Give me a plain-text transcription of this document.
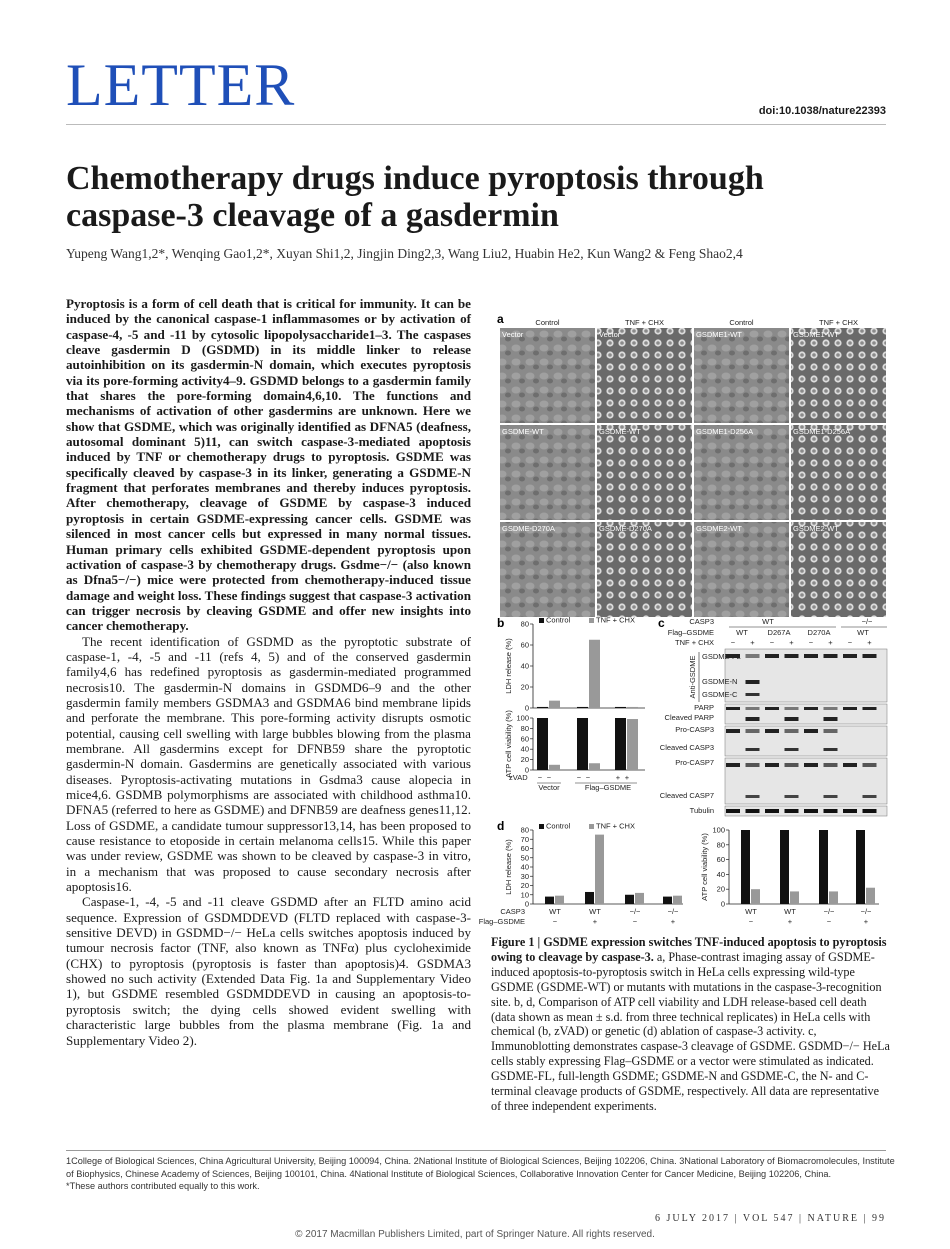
LETTER	doi:10.1038/nature22393
Chemotherapy drugs induce pyroptosis through caspase-3 cleavage of a gasdermin
Yupeng Wang1,2*, Wenqing Gao1,2*, Xuyan Shi1,2, Jingjin Ding2,3, Wang Liu2, Huabin He2, Kun Wang2 & Feng Shao2,4

Pyroptosis is a form of cell death that is critical for immunity. It can be induced by the canonical caspase-1 inflammasomes or by activation of caspase-4, -5 and -11 by cytosolic lipopolysaccharide1–3. The caspases cleave gasdermin D (GSDMD) in its middle linker to release autoinhibition on its gasdermin-N domain, which executes pyroptosis via its pore-forming activity4–9. GSDMD belongs to a gasdermin family that shares the pore-forming domain4,6,10. The functions and mechanisms of activation of other gasdermins are unknown. Here we show that GSDME, which was originally identified as DFNA5 (deafness, autosomal dominant 5)11, can switch caspase-3-mediated apoptosis induced by TNF or chemotherapy drugs to pyroptosis. GSDME was specifically cleaved by caspase-3 in its linker, generating a GSDME-N fragment that perforates membranes and thereby induces pyroptosis. After chemotherapy, cleavage of GSDME by caspase-3 induced pyroptosis in certain GSDME-expressing cancer cells. GSDME was silenced in most cancer cells but expressed in many normal tissues. Human primary cells exhibited GSDME-dependent pyroptosis upon activation of caspase-3 by chemotherapy drugs. Gsdme−/− (also known as Dfna5−/−) mice were protected from chemotherapy-induced tissue damage and weight loss. These findings suggest that caspase-3 activation can trigger necrosis by cleaving GSDME and offer new insights into cancer chemotherapy.

The recent identification of GSDMD as the pyroptotic substrate of caspase-1, -4, -5 and -11 (refs 4, 5) and of the conserved gasdermin family4,6 has redefined pyroptosis as gasdermin-mediated programmed necrosis10. The gasdermin-N domains in GSDMD6–9 and the other gasdermin family members GSDMA3 and GSDMA6 bind membrane lipids and perforate the membrane. This pore-forming activity disrupts osmotic potential, causing cell swelling with large bubbles blowing from the plasma membrane. All gasdermins except for DFNB59 share the pyroptotic gasdermin-N domain. Gasdermins are genetically associated with various diseases. Pyroptosis-activating mutations in Gsdma3 cause alopecia in mice4,6. GSDMB polymorphisms are associated with childhood asthma10. DFNA5 (referred to here as GSDME) and DFNB59 are deafness genes11,12. Loss of GSDME, a candidate tumour suppressor13,14, has been proposed to cause resistance to etoposide in certain melanoma cells15. While this paper was under review, GSDME was shown to be cleaved by caspase-3 in vitro, in a mechanism that was proposed to cause secondary necrosis after apoptosis16.

Caspase-1, -4, -5 and -11 cleave GSDMD after an FLTD amino acid sequence. Expression of GSDMDDEVD (FLTD replaced with caspase-3-sensitive DEVD) in GSDMD−/− HeLa cells switches apoptosis induced by tumour necrosis factor (TNF, also known as TNFα) plus cycloheximide (CHX) to pyroptosis (pyroptosis is faster than apoptosis)4. GSDMA3 showed no such activity (Extended Data Fig. 1a and Supplementary Video 1), but GSDME resembled GSDMDDEVD in causing an apoptosis-to-pyroptosis switch; the dying cells showed evident swelling with characteristic large bubbles from the plasma membrane (Fig. 1a and Supplementary Video 2).

a	Control	TNF + CHX	Control	TNF + CHX
Vector	Vector	GSDME1-WT	GSDME1-WT
GSDME-WT	GSDME-WT	GSDME1-D256A	GSDME1-D256A
GSDME-D270A	GSDME-D270A	GSDME2-WT	GSDME2-WT
b 80
60
40
20
0
LDH release (%)
Control	TNF + CHX
100
80
60
40
20
0
ATP cell viability (%)
zVAD − −	− −	+ +
Vector	Flag–GSDME
c	CASP3	WT	−/−
Flag–GSDME	WT	D267A D270A	WT
TNF + CHX − + − + − + − +
GSDME-FL
GSDME-N
GSDME-C
PARP
Cleaved PARP
Pro-CASP3
Cleaved CASP3
Pro-CASP7
Cleaved CASP7
Tubulin
Anti-GSDME
d 80
70
60
50
40
30
20
10
0
LDH release (%)
Control	TNF + CHX
CASP3
Flag–GSDME
WT	WT	−/−	−/−
−	+	−	+
WT	WT	−/−	−/−
−	+	−	+
100
80
60
40
20
0
ATP cell viability (%)
Figure 1 | GSDME expression switches TNF-induced apoptosis to pyroptosis owing to cleavage by caspase-3. a, Phase-contrast imaging assay of GSDME-induced apoptosis-to-pyroptosis switch in HeLa cells expressing wild-type GSDME (GSDME-WT) or mutants with mutations in the caspase-3-recognition site. b, d, Comparison of ATP cell viability and LDH release-based cell death (data shown as mean ± s.d. from three technical replicates) in HeLa cells with chemical (b, zVAD) or genetic (d) ablation of caspase-3 activity. c, Immunoblotting demonstrates caspase-3 cleavage of GSDME. GSDMD−/− HeLa cells stably expressing Flag–GSDME or a vector were stimulated as indicated. GSDME-FL, full-length GSDME; GSDME-N and GSDME-C, the N- and C-terminal cleavage products of GSDME, respectively. All data are representative of three independent experiments.
1College of Biological Sciences, China Agricultural University, Beijing 100094, China. 2National Institute of Biological Sciences, Beijing 102206, China. 3National Laboratory of Biomacromolecules, Institute of Biophysics, Chinese Academy of Sciences, Beijing 100101, China. 4National Institute of Biological Sciences, Collaborative Innovation Center for Cancer Medicine, Beijing 102206, China.
*These authors contributed equally to this work.
6 JULY 2017 | VOL 547 | NATURE | 99
© 2017 Macmillan Publishers Limited, part of Springer Nature. All rights reserved.
